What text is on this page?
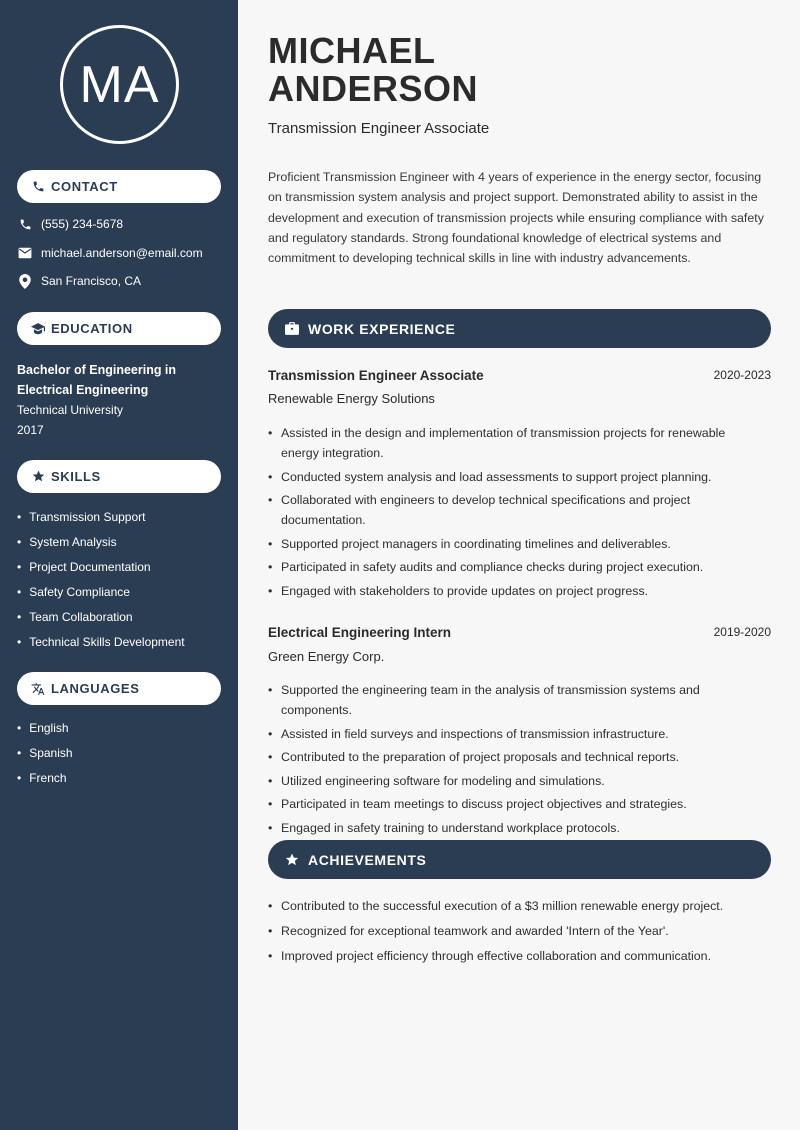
MA
CONTACT
(555) 234-5678
michael.anderson@email.com
San Francisco, CA
EDUCATION
Bachelor of Engineering in Electrical Engineering
Technical University
2017
SKILLS
• Transmission Support
• System Analysis
• Project Documentation
• Safety Compliance
• Team Collaboration
• Technical Skills Development
LANGUAGES
• English
• Spanish
• French
MICHAEL
ANDERSON
Transmission Engineer Associate

Proficient Transmission Engineer with 4 years of experience in the energy sector, focusing on transmission system analysis and project support. Demonstrated ability to assist in the development and execution of transmission projects while ensuring compliance with safety and regulatory standards. Strong foundational knowledge of electrical systems and commitment to developing technical skills in line with industry advancements.

WORK EXPERIENCE
Transmission Engineer Associate	2020-2023
Renewable Energy Solutions
• Assisted in the design and implementation of transmission projects for renewable energy integration.
• Conducted system analysis and load assessments to support project planning.
• Collaborated with engineers to develop technical specifications and project documentation.
• Supported project managers in coordinating timelines and deliverables.
• Participated in safety audits and compliance checks during project execution.
• Engaged with stakeholders to provide updates on project progress.
Electrical Engineering Intern	2019-2020
Green Energy Corp.
• Supported the engineering team in the analysis of transmission systems and components.
• Assisted in field surveys and inspections of transmission infrastructure.
• Contributed to the preparation of project proposals and technical reports.
• Utilized engineering software for modeling and simulations.
• Participated in team meetings to discuss project objectives and strategies.
• Engaged in safety training to understand workplace protocols.
ACHIEVEMENTS
• Contributed to the successful execution of a $3 million renewable energy project.
• Recognized for exceptional teamwork and awarded 'Intern of the Year'.
• Improved project efficiency through effective collaboration and communication.
